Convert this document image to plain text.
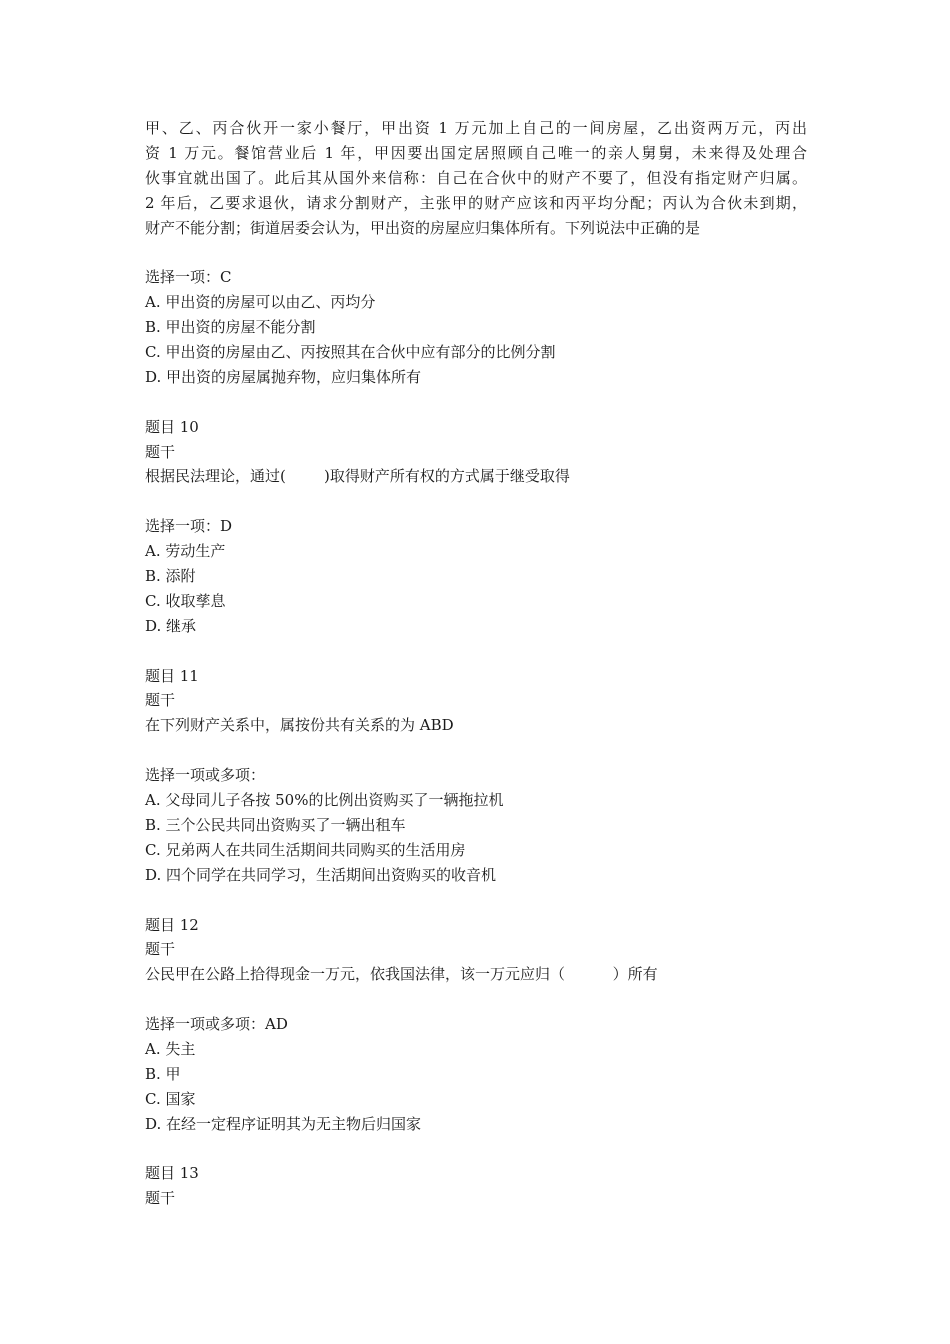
甲、乙、丙合伙开一家小餐厅，甲出资 1 万元加上自己的一间房屋，乙出资两万元，丙出
资 1 万元。餐馆营业后 1 年，甲因要出国定居照顾自己唯一的亲人舅舅，未来得及处理合
伙事宜就出国了。此后其从国外来信称：自己在合伙中的财产不要了，但没有指定财产归属。
2 年后，乙要求退伙，请求分割财产，主张甲的财产应该和丙平均分配；丙认为合伙未到期，
财产不能分割；街道居委会认为，甲出资的房屋应归集体所有。下列说法中正确的是
选择一项：C
A. 甲出资的房屋可以由乙、丙均分
B. 甲出资的房屋不能分割
C. 甲出资的房屋由乙、丙按照其在合伙中应有部分的比例分割
D. 甲出资的房屋属抛弃物，应归集体所有
题目 10
题干
根据民法理论，通过(        )取得财产所有权的方式属于继受取得
选择一项：D
A. 劳动生产
B. 添附
C. 收取孳息
D. 继承
题目 11
题干
在下列财产关系中，属按份共有关系的为 ABD
选择一项或多项：
A. 父母同儿子各按 50%的比例出资购买了一辆拖拉机
B. 三个公民共同出资购买了一辆出租车
C. 兄弟两人在共同生活期间共同购买的生活用房
D. 四个同学在共同学习，生活期间出资购买的收音机
题目 12
题干
公民甲在公路上拾得现金一万元，依我国法律，该一万元应归（          ）所有
选择一项或多项：AD
A. 失主
B. 甲
C. 国家
D. 在经一定程序证明其为无主物后归国家
题目 13
题干
